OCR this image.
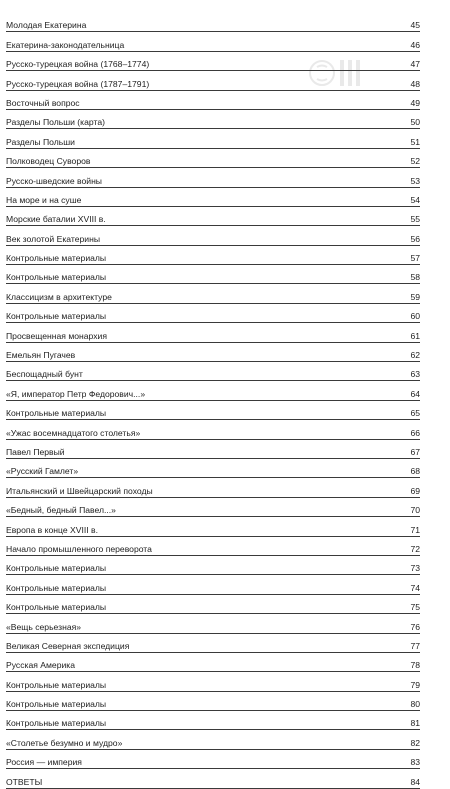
Молодая Екатерина	45
Екатерина-законодательница	46
Русско-турецкая война (1768–1774)	47
Русско-турецкая война (1787–1791)	48
Восточный вопрос	49
Разделы Польши (карта)	50
Разделы Польши	51
Полководец Суворов	52
Русско-шведские войны	53
На море и на суше	54
Морские баталии XVIII в.	55
Век золотой Екатерины	56
Контрольные материалы	57
Контрольные материалы	58
Классицизм в архитектуре	59
Контрольные материалы	60
Просвещенная монархия	61
Емельян Пугачев	62
Беспощадный бунт	63
«Я, император Петр Федорович...»	64
Контрольные материалы	65
«Ужас восемнадцатого столетья»	66
Павел Первый	67
«Русский Гамлет»	68
Итальянский и Швейцарский походы	69
«Бедный, бедный Павел...»	70
Европа в конце XVIII в.	71
Начало промышленного переворота	72
Контрольные материалы	73
Контрольные материалы	74
Контрольные материалы	75
«Вещь серьезная»	76
Великая Северная экспедиция	77
Русская Америка	78
Контрольные материалы	79
Контрольные материалы	80
Контрольные материалы	81
«Столетье безумно и мудро»	82
Россия — империя	83
ОТВЕТЫ	84
